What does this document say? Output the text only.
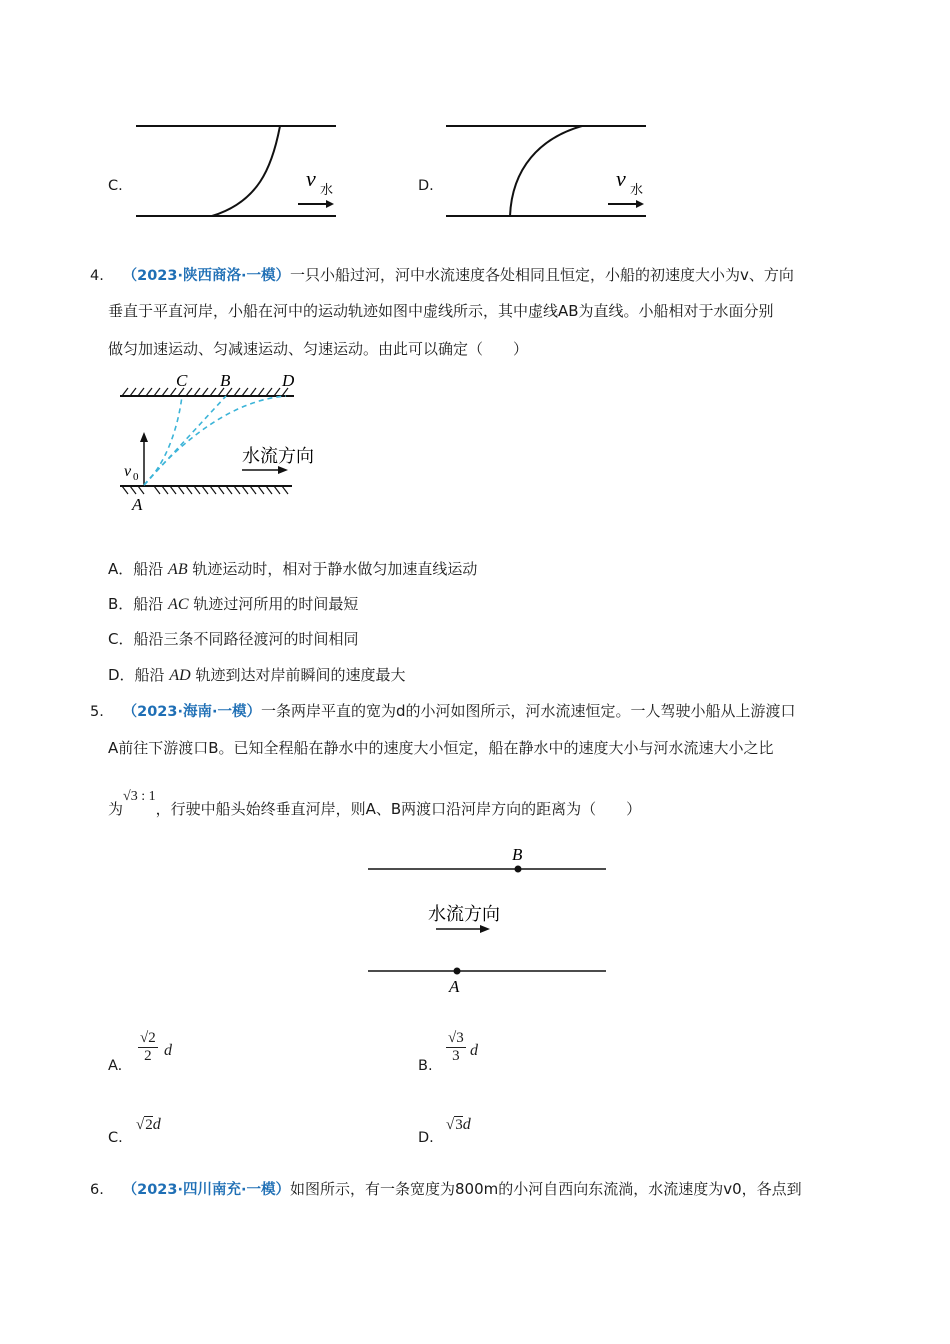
C.	v 水	D.	v 水
4. （2023·陕西商洛·一模）一只小船过河，河中水流速度各处相同且恒定，小船的初速度大小为v、方向
垂直于平直河岸，小船在河中的运动轨迹如图中虚线所示，其中虚线AB为直线。小船相对于水面分别
做匀加速运动、匀减速运动、匀速运动。由此可以确定（　　）
v 0
C B	D
A
水流方向
A．船沿 AB 轨迹运动时，相对于静水做匀加速直线运动
B．船沿 AC 轨迹过河所用的时间最短
C．船沿三条不同路径渡河的时间相同
D．船沿 AD 轨迹到达对岸前瞬间的速度最大
5. （2023·海南·一模）一条两岸平直的宽为d的小河如图所示，河水流速恒定。一人驾驶小船从上游渡口
A前往下游渡口B。已知全程船在静水中的速度大小恒定，船在静水中的速度大小与河水流速大小之比
为√3 : 1，行驶中船头始终垂直河岸，则A、B两渡口沿河岸方向的距离为（　　）
B
水流方向
A
A.
$\frac{√2}{2}$ d
B.
$\frac{√3}{3}$ d
C.
√2d
D.
√3d
6. （2023·四川南充·一模）如图所示，有一条宽度为800m的小河自西向东流淌，水流速度为v0，各点到
